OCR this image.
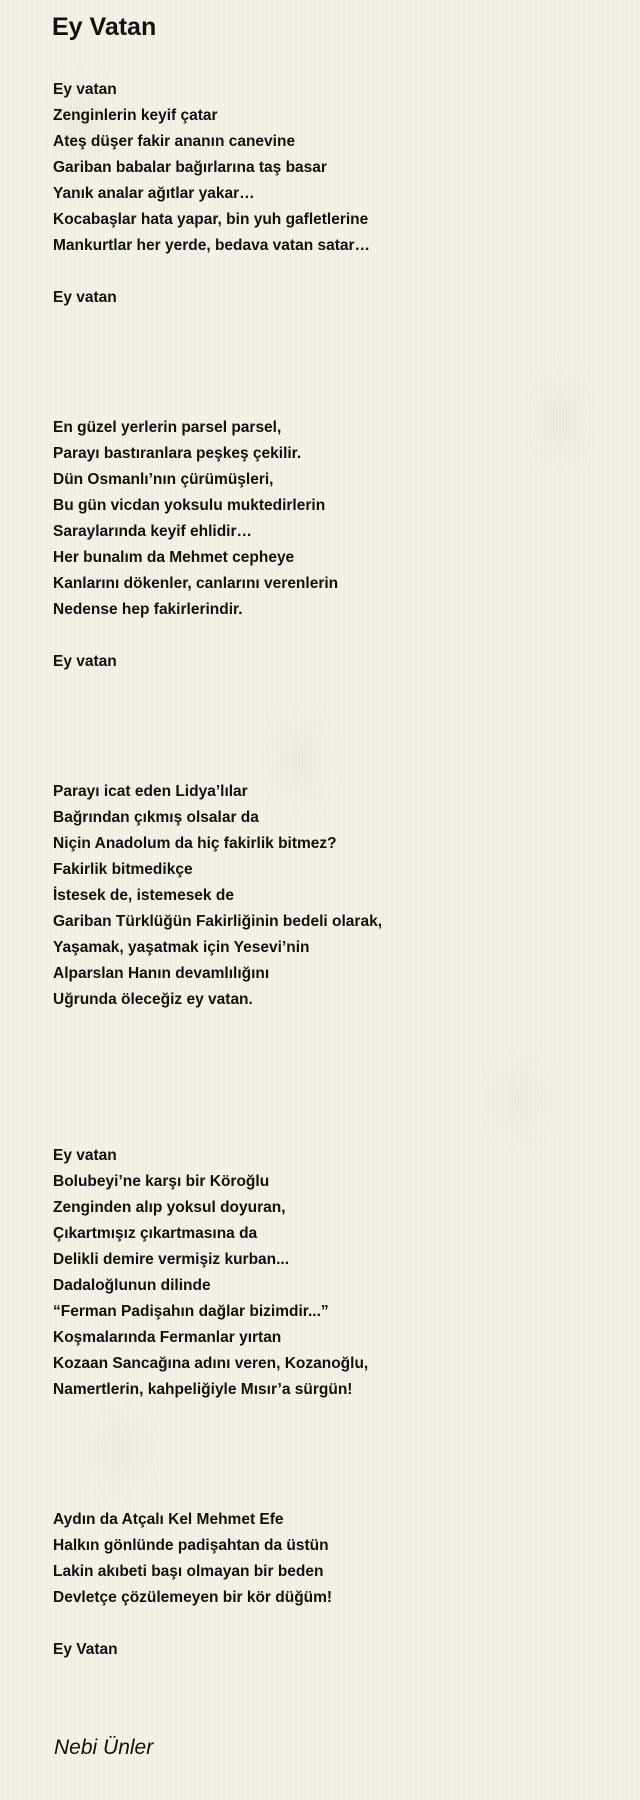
Ey Vatan
Ey vatan
Zenginlerin keyif çatar
Ateş düşer fakir ananın canevine
Gariban babalar bağırlarına taş basar
Yanık analar ağıtlar yakar…
Kocabaşlar hata yapar, bin yuh gafletlerine
Mankurtlar her yerde, bedava vatan satar…
Ey vatan
En güzel yerlerin parsel parsel,
Parayı bastıranlara peşkeş çekilir.
Dün Osmanlı’nın çürümüşleri,
Bu gün vicdan yoksulu muktedirlerin
Saraylarında keyif ehlidir…
Her bunalım da Mehmet cepheye
Kanlarını dökenler, canlarını verenlerin
Nedense hep fakirlerindir.
Ey vatan
Parayı icat eden Lidya’lılar
Bağrından çıkmış olsalar da
Niçin Anadolum da hiç fakirlik bitmez?
Fakirlik bitmedikçe
İstesek de, istemesek de
Gariban Türklüğün Fakirliğinin bedeli olarak,
Yaşamak, yaşatmak için Yesevi’nin
Alparslan Hanın devamlılığını
Uğrunda öleceğiz ey vatan.
Ey vatan
Bolubeyi’ne karşı bir Köroğlu
Zenginden alıp yoksul doyuran,
Çıkartmışız çıkartmasına da
Delikli demire vermişiz kurban...
Dadaloğlunun dilinde
“Ferman Padişahın dağlar bizimdir...”
Koşmalarında Fermanlar yırtan
Kozaan Sancağına adını veren, Kozanoğlu,
Namertlerin, kahpeliğiyle Mısır’a sürgün!
Aydın da Atçalı Kel Mehmet Efe
Halkın gönlünde padişahtan da üstün
Lakin akıbeti başı olmayan bir beden
Devletçe çözülemeyen bir kör düğüm!
Ey Vatan
Nebi Ünler
